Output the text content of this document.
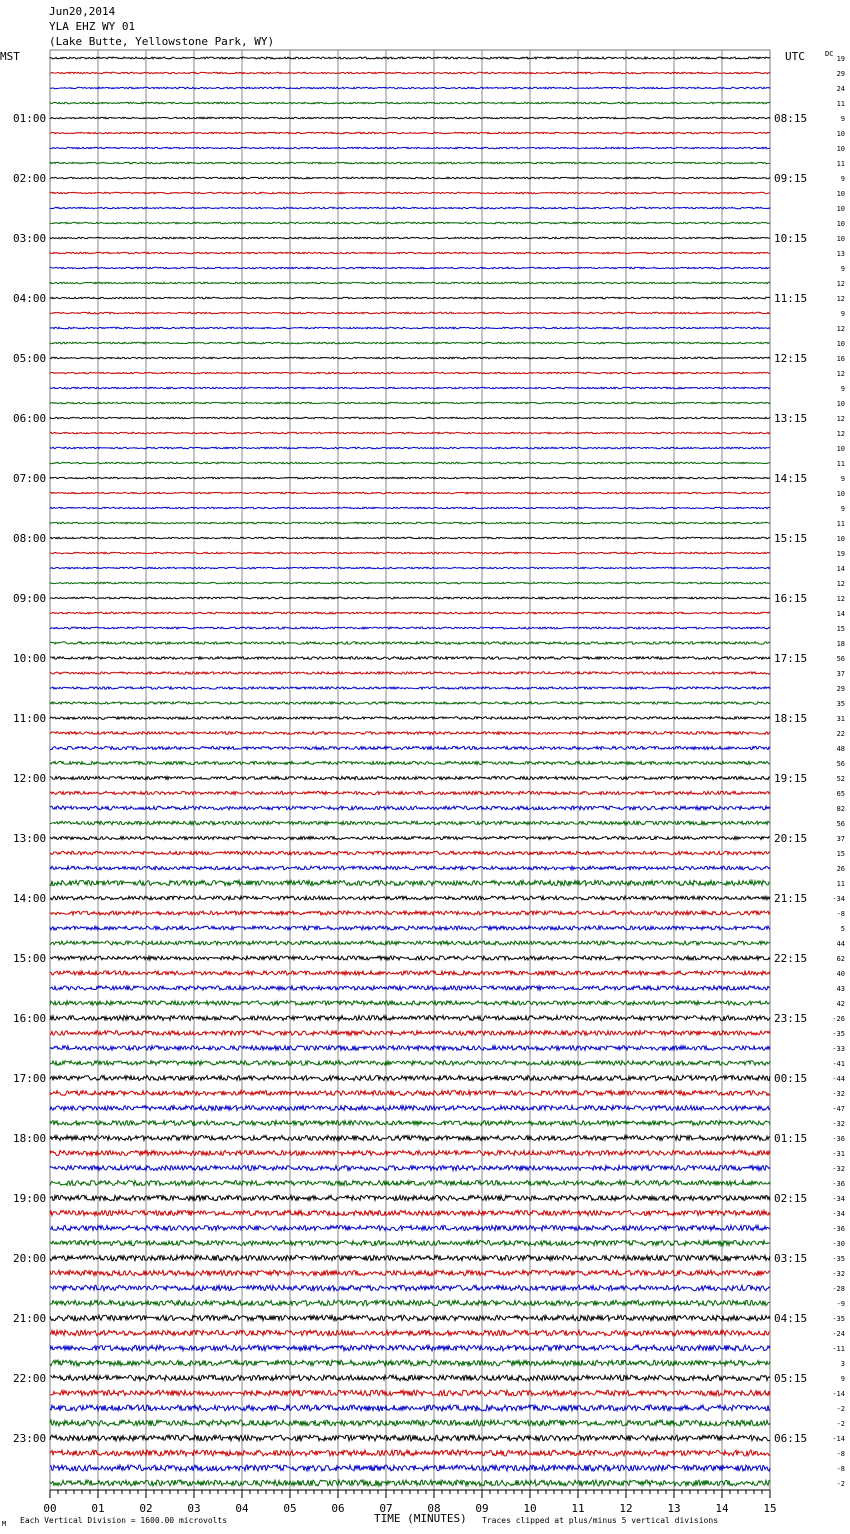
Jun20,2014
YLA EHZ WY 01
(Lake Butte, Yellowstone Park, WY)
01:00
02:00
03:00
04:00
05:00
06:00
07:00
08:00
09:00
10:00
11:00
12:00
13:00
14:00
15:00
16:00
17:00
18:00
19:00
20:00
21:00
22:00
23:00
08:15
09:15
10:15
11:15
12:15
13:15
14:15
15:15
16:15
17:15
18:15
19:15
20:15
21:15
22:15
23:15
00:15
01:15
02:15
03:15
04:15
05:15
06:15
19
29
24
11
9
10
10
11
9
10
10
10
10
13
9
12
12
9
12
10
16
12
9
10
12
12
10
11
9
10
9
11
10
19
14
12
12
14
15
18
56
37
29
35
31
22
48
56
52
65
82
56
37
15
26
11
-34
-8
5
44
62
40
43
42
-26
-35
-33
-41
-44
-32
-47
-32
-36
-31
-32
-36
-34
-34
-36
-30
-35
-32
-28
-9
-35
-24
-11
3
9
-14
-2
-2
-14
-8
-8
-2
00	01	02	03	04	05	06	07	08	09	10	11	12	13	14	15
MST	UTC	DC
TIME (MINUTES)
Each Vertical Division = 1600.00 microvolts	Traces clipped at plus/minus 5 vertical divisions
M
